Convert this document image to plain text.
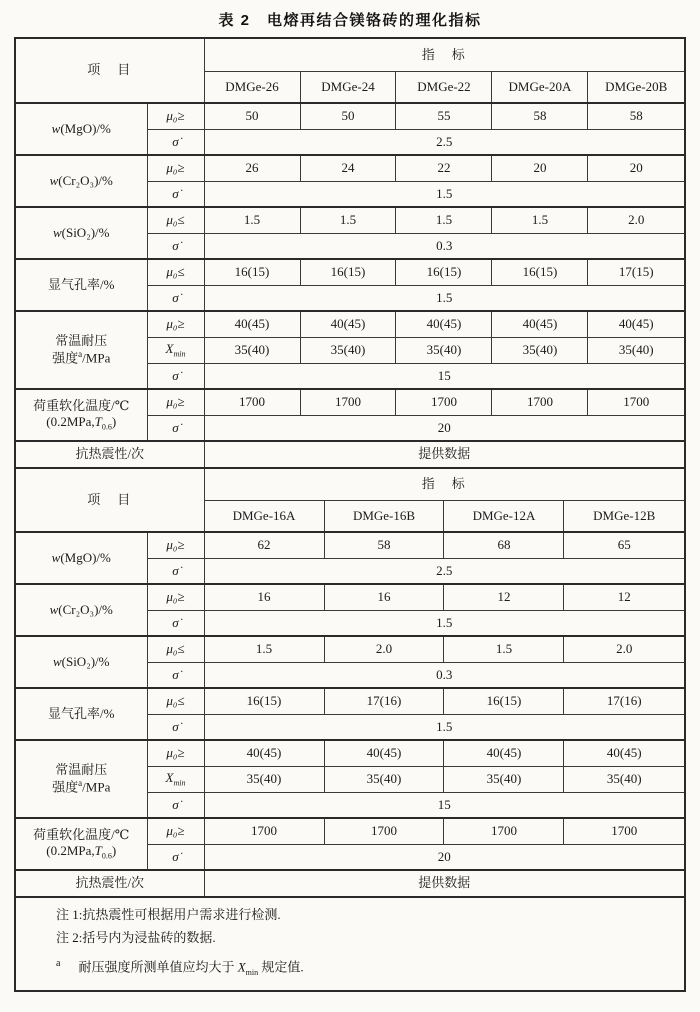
表 2　电熔再结合镁铬砖的理化指标
项　目		指　标				
		DMGe-26	DMGe-24	DMGe-22	DMGe-20A	DMGe-20B
w(MgO)/%	μ₀≥	50	50	55	58	58
	σ̇	2.5				
w(Cr₂O₃)/%	μ₀≥	26	24	22	20	20
	σ̇	1.5				
w(SiO₂)/%	μ₀≤	1.5	1.5	1.5	1.5	2.0
	σ̇	0.3				
显气孔率/%	μ₀≤	16(15)	16(15)	16(15)	16(15)	17(15)
	σ̇	1.5				

常温耐压
强度$^a$/MPa	μ₀≥	40(45)	40(45)	40(45)	40(45)	40(45)
	$X_{min}$	35(40)	35(40)	35(40)	35(40)	35(40)
	σ̇	15				

荷重软化温度/℃
$(0.2MPa,T_{0.6})$	μ₀≥	1700	1700	1700	1700	1700
	σ̇	20				
抗热震性/次		提供数据				
项　目		指　标			
		DMGe-16A	DMGe-16B	DMGe-12A	DMGe-12B
w(MgO)/%	μ₀≥	62	58	68	65
	σ̇	2.5			
w(Cr₂O₃)/%	μ₀≥	16	16	12	12
	σ̇	1.5			
w(SiO₂)/%	μ₀≤	1.5	2.0	1.5	2.0
	σ̇	0.3			
显气孔率/%	μ₀≤	16(15)	17(16)	16(15)	17(16)
	σ̇	1.5			

常温耐压
强度$^a$/MPa	μ₀≥	40(45)	40(45)	40(45)	40(45)
	$X_{min}$	35(40)	35(40)	35(40)	35(40)
	σ̇	15			

荷重软化温度/℃
$(0.2MPa,T_{0.6})$	μ₀≥	1700	1700	1700	1700
	σ̇	20			
抗热震性/次		提供数据			
注 1:抗热震性可根据用户需求进行检测.
注 2:括号内为浸盐砖的数据.
$^a$ 耐压强度所测单值应均大于 $X_{min}$ 规定值.
